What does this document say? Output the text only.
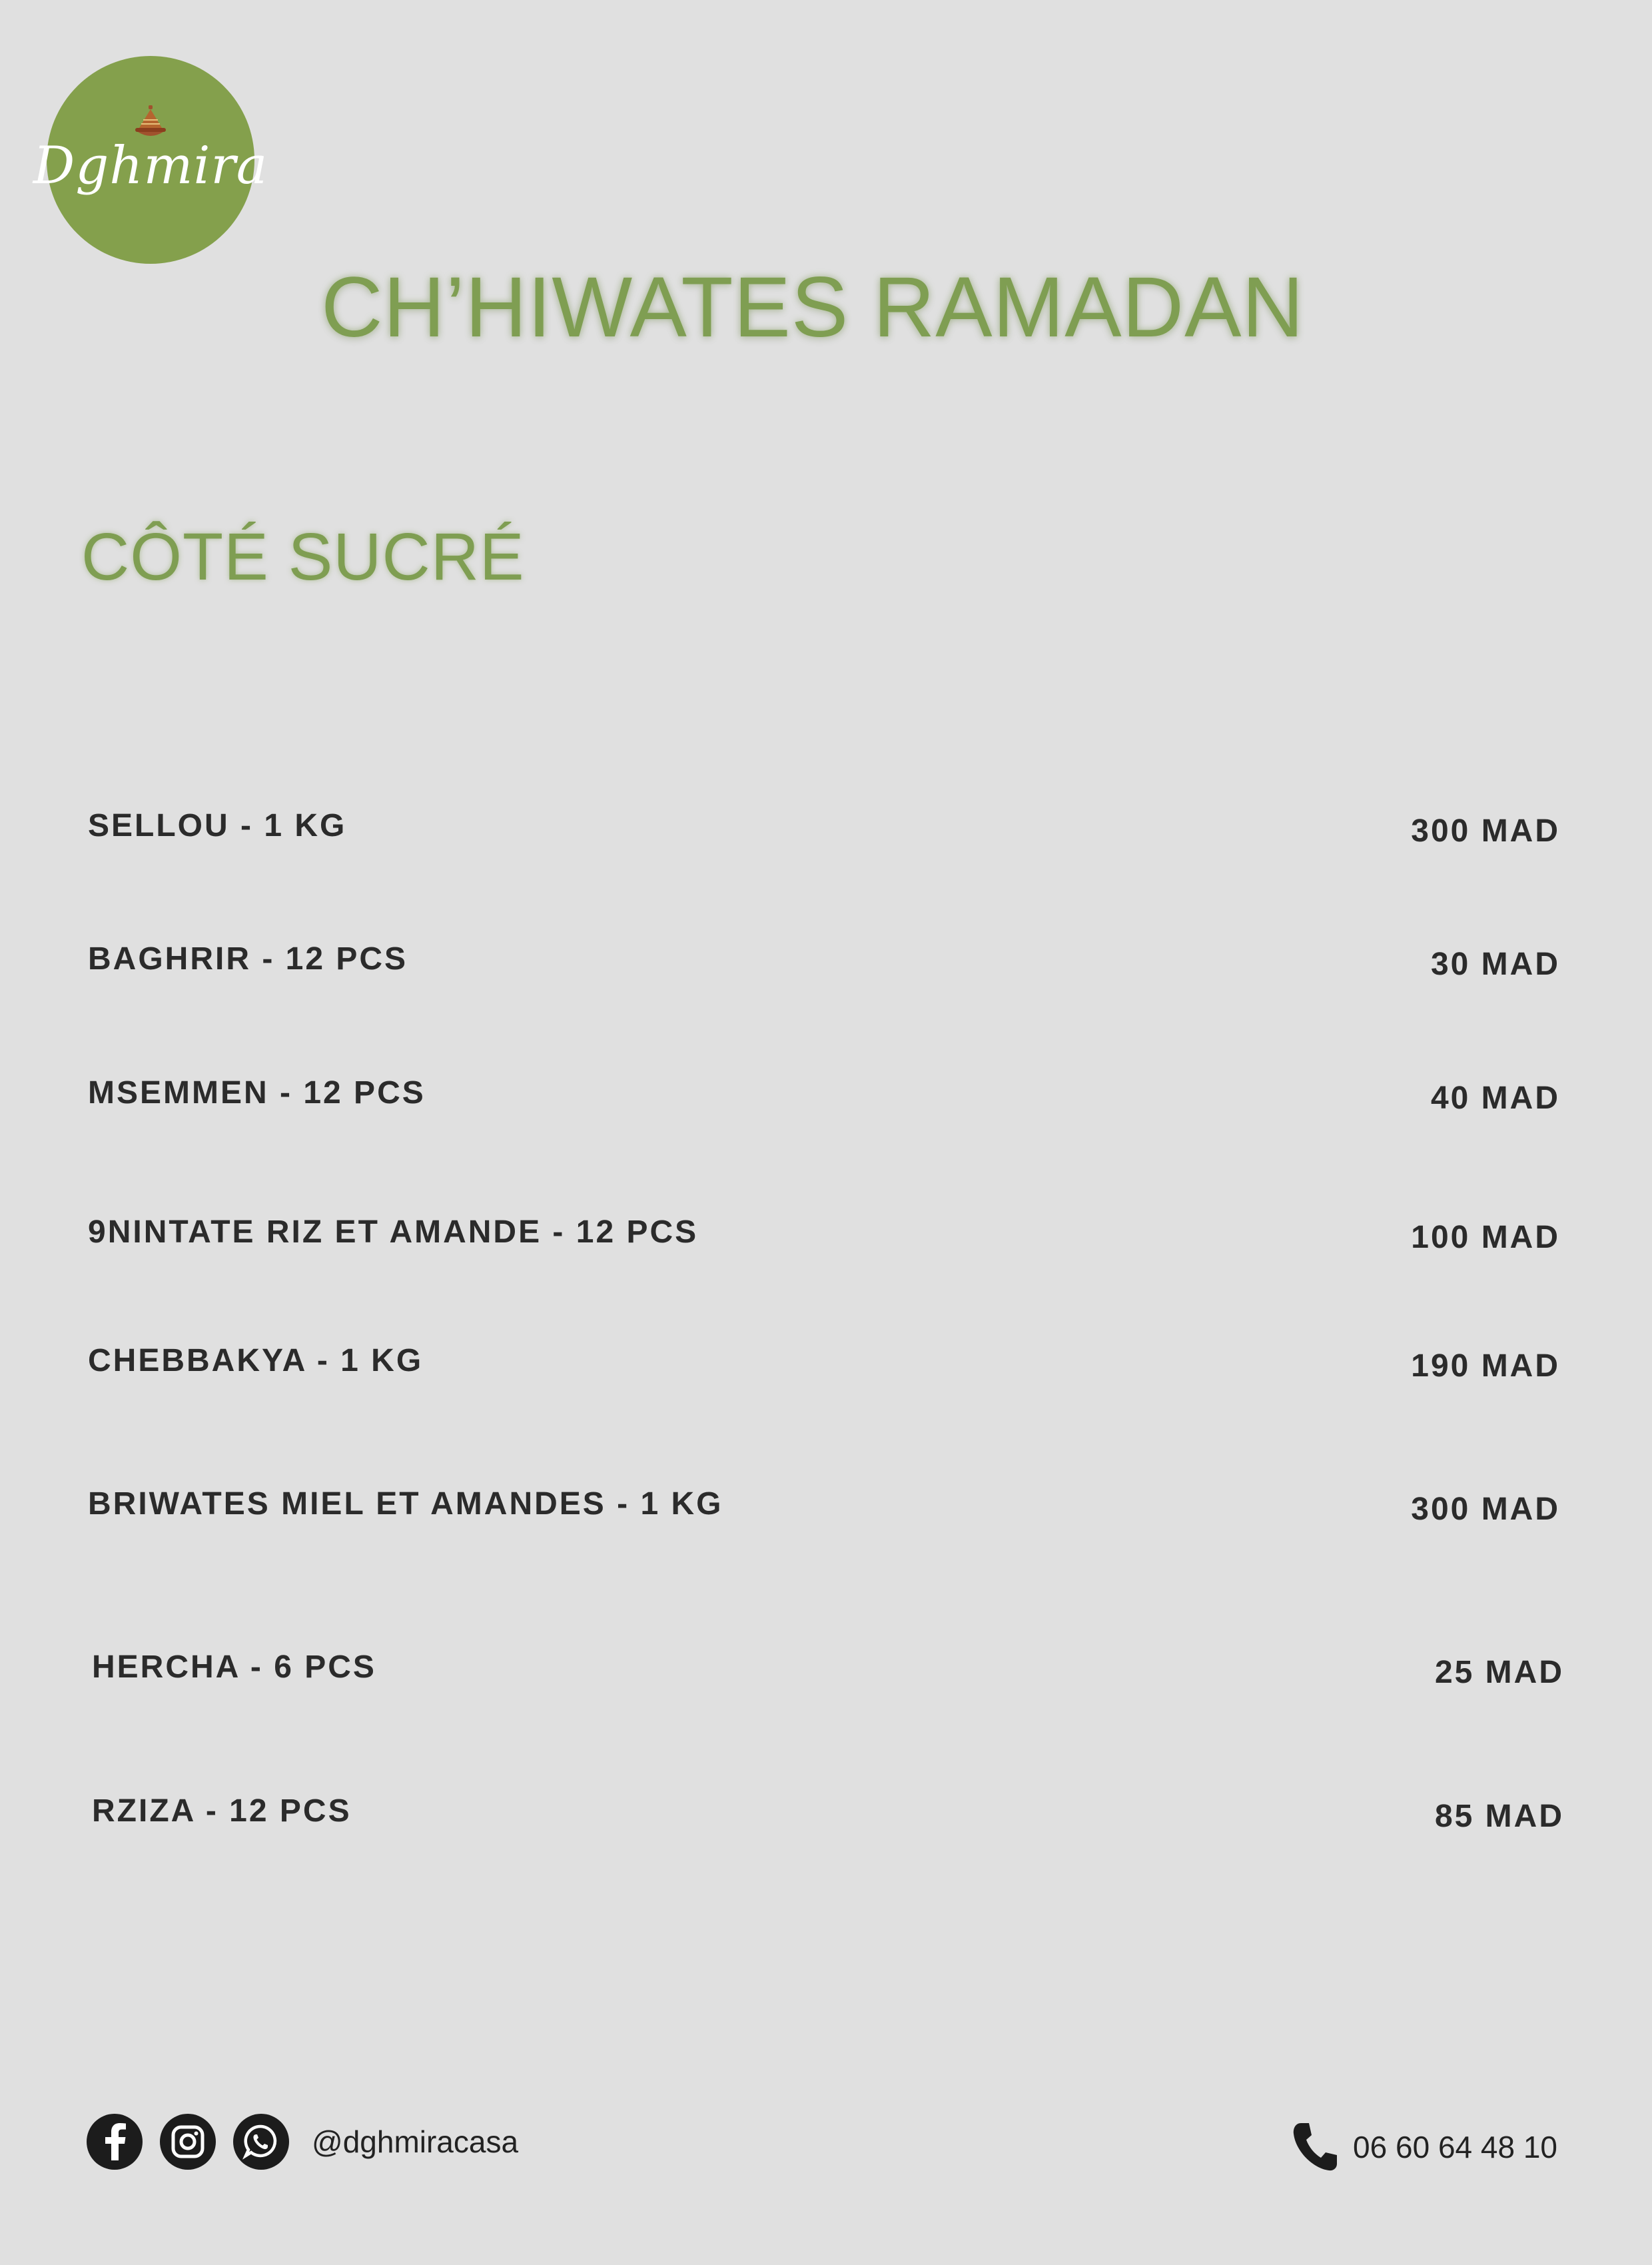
Dghmira
CH’HIWATES RAMADAN
CÔTÉ SUCRÉ
SELLOU - 1 KG	300 MAD
BAGHRIR - 12 PCS	30 MAD
MSEMMEN - 12 PCS	40 MAD
9NINTATE RIZ ET AMANDE - 12 PCS	100 MAD
CHEBBAKYA - 1 KG	190 MAD
BRIWATES MIEL ET AMANDES - 1 KG	300 MAD
HERCHA - 6 PCS	25 MAD
RZIZA - 12 PCS	85 MAD
@dghmiracasa	06 60 64 48 10
